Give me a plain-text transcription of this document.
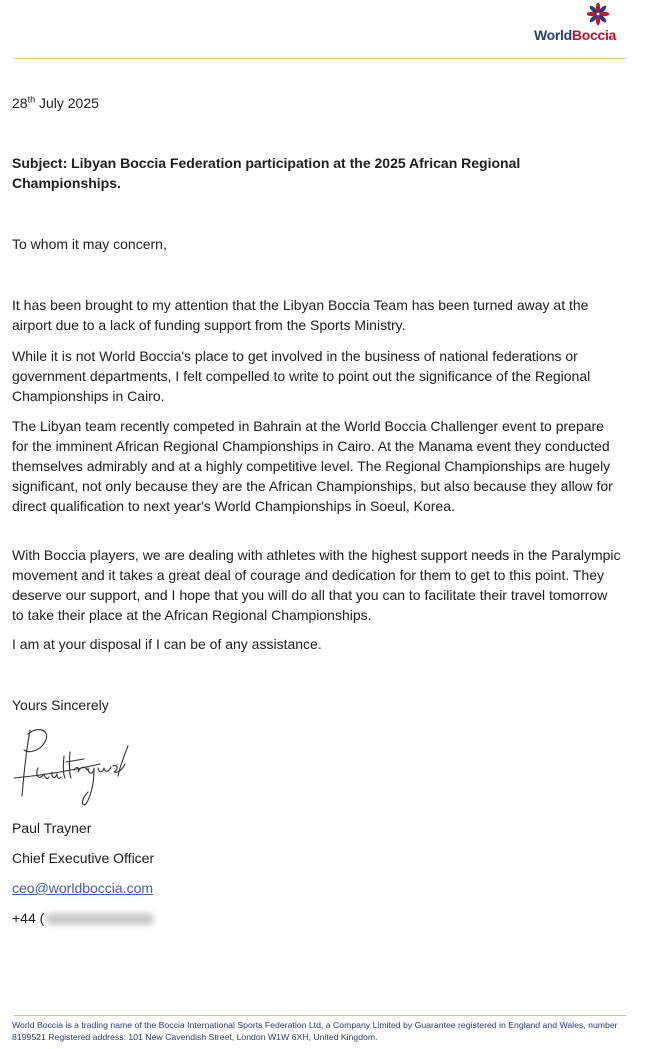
WorldBoccia

28th July 2025

Subject: Libyan Boccia Federation participation at the 2025 African Regional Championships.

To whom it may concern,

It has been brought to my attention that the Libyan Boccia Team has been turned away at the airport due to a lack of funding support from the Sports Ministry.

While it is not World Boccia's place to get involved in the business of national federations or government departments, I felt compelled to write to point out the significance of the Regional Championships in Cairo.

The Libyan team recently competed in Bahrain at the World Boccia Challenger event to prepare for the imminent African Regional Championships in Cairo. At the Manama event they conducted themselves admirably and at a highly competitive level. The Regional Championships are hugely significant, not only because they are the African Championships, but also because they allow for direct qualification to next year's World Championships in Soeul, Korea.

With Boccia players, we are dealing with athletes with the highest support needs in the Paralympic movement and it takes a great deal of courage and dedication for them to get to this point. They deserve our support, and I hope that you will do all that you can to facilitate their travel tomorrow to take their place at the African Regional Championships.

I am at your disposal if I can be of any assistance.

Yours Sincerely

Paul Trayner

Chief Executive Officer

ceo@worldboccia.com

+44 (

World Boccia is a trading name of the Boccia International Sports Federation Ltd, a Company Limited by Guarantee registered in England and Wales, number 8199521 Registered address: 101 New Cavendish Street, London W1W 6XH, United Kingdom.
